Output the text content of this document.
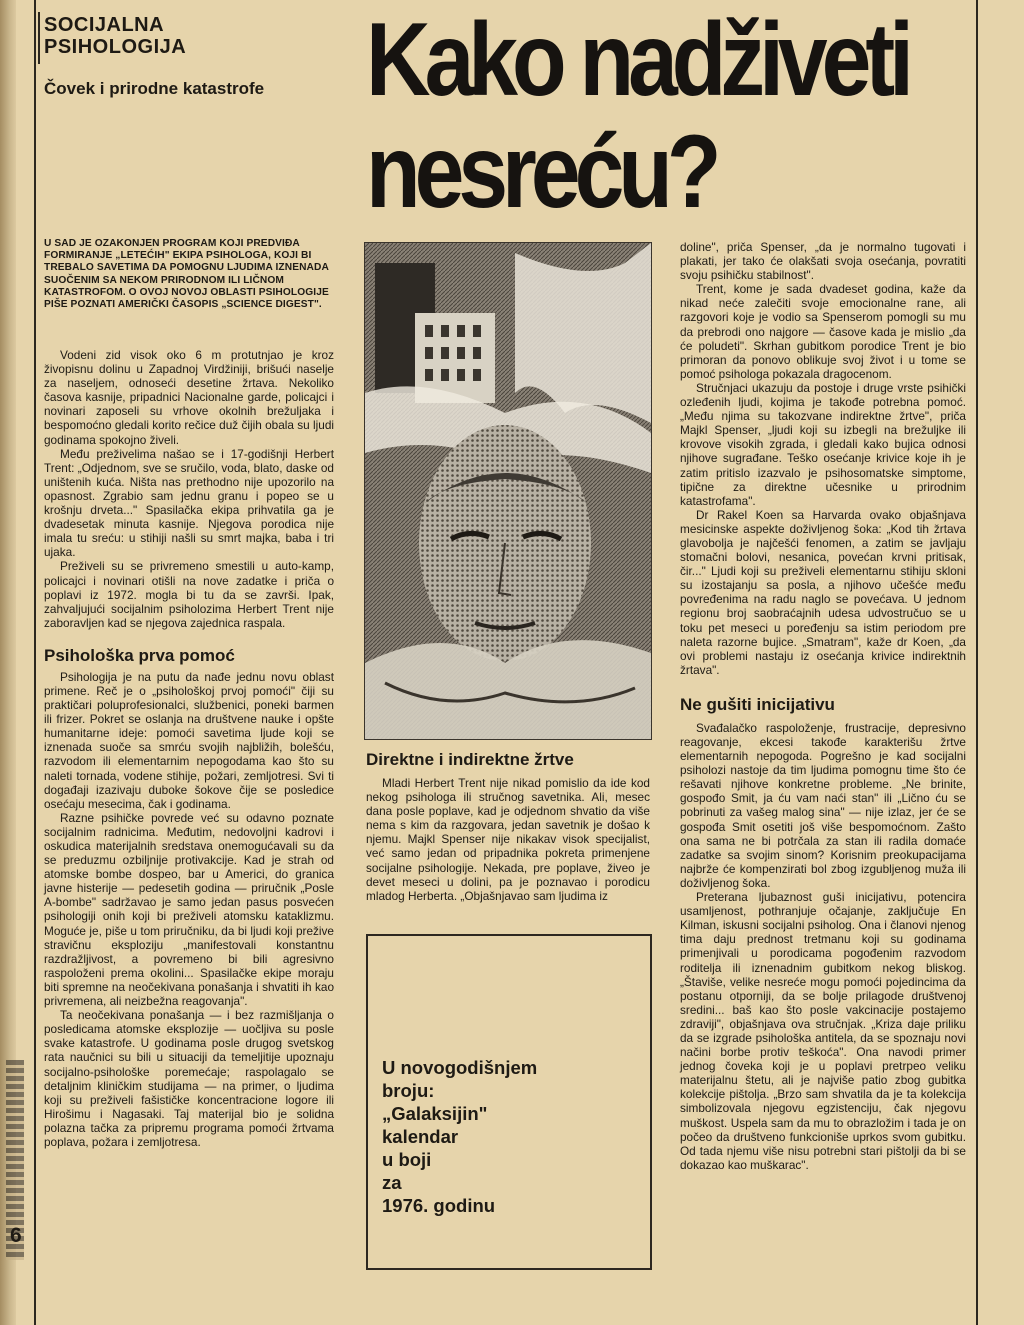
SOCIJALNA
PSIHOLOGIJA
Čovek i prirodne katastrofe Kako nadživeti
nesreću?
U SAD JE OZAKONJEN PROGRAM KOJI PREDVIĐA FORMIRANJE „LETEĆIH" EKIPA PSIHOLOGA, KOJI BI TREBALO SAVETIMA DA POMOGNU LJUDIMA IZNENADA SUOČENIM SA NEKOM PRIRODNOM ILI LIČNOM KATASTROFOM. O OVOJ NOVOJ OBLASTI PSIHOLOGIJE PIŠE POZNATI AMERIČKI ČASOPIS „SCIENCE DIGEST".

Vodeni zid visok oko 6 m protutnjao je kroz živopisnu dolinu u Zapadnoj Virdžiniji, brišući naselje za naseljem, odnoseći desetine žrtava. Nekoliko časova kasnije, pripadnici Nacionalne garde, policajci i novinari zaposeli su vrhove okolnih brežuljaka i bespomoćno gledali korito rečice duž čijih obala su ljudi godinama spokojno živeli.

Među preživelima našao se i 17-godišnji Herbert Trent: „Odjednom, sve se sručilo, voda, blato, daske od uništenih kuća. Ništa nas prethodno nije upozorilo na opasnost. Zgrabio sam jednu granu i popeo se u krošnju drveta..." Spasilačka ekipa prihvatila ga je dvadesetak minuta kasnije. Njegova porodica nije imala tu sreću: u stihiji našli su smrt majka, baba i tri ujaka.

Preživeli su se privremeno smestili u auto-kamp, policajci i novinari otišli na nove zadatke i priča o poplavi iz 1972. mogla bi tu da se završi. Ipak, zahvaljujući socijalnim psiholozima Herbert Trent nije zaboravljen kad se njegova zajednica raspala.

Psihološka prva pomoć

Psihologija je na putu da nađe jednu novu oblast primene. Reč je o „psihološkoj prvoj pomoći" čiji su praktičari poluprofesionalci, službenici, poneki barmen ili frizer. Pokret se oslanja na društvene nauke i opšte humanitarne ideje: pomoći savetima ljude koji se iznenada suoče sa smrću svojih najbližih, bolešću, razvodom ili elementarnim nepogodama kao što su naleti tornada, vodene stihije, požari, zemljotresi. Svi ti događaji izazivaju duboke šokove čije se posledice osećaju mesecima, čak i godinama.

Razne psihičke povrede već su odavno poznate socijalnim radnicima. Međutim, nedovoljni kadrovi i oskudica materijalnih sredstava onemogućavali su da se preduzmu ozbiljnije protivakcije. Kad je strah od atomske bombe dospeo, bar u Americi, do granica javne histerije — pedesetih godina — priručnik „Posle A-bombe" sadržavao je samo jedan pasus posvećen psihologiji onih koji bi preživeli atomsku kataklizmu. Moguće je, piše u tom priručniku, da bi ljudi koji prežive stravičnu eksploziju „manifestovali konstantnu razdražljivost, a povremeno bi bili agresivno raspoloženi prema okolini... Spasilačke ekipe moraju biti spremne na neočekivana ponašanja i shvatiti ih kao privremena, ali neizbežna reagovanja".

Ta neočekivana ponašanja — i bez razmišljanja o posledicama atomske eksplozije — uočljiva su posle svake katastrofe. U godinama posle drugog svetskog rata naučnici su bili u situaciji da temeljitije upoznaju socijalno-psihološke poremećaje; raspolagalo se detaljnim kliničkim studijama — na primer, o ljudima koji su preživeli fašističke koncentracione logore ili Hirošimu i Nagasaki. Taj materijal bio je solidna polazna tačka za pripremu programa pomoći žrtvama poplava, požara i zemljotresa.

Direktne i indirektne žrtve

Mladi Herbert Trent nije nikad pomislio da ide kod nekog psihologa ili stručnog savetnika. Ali, mesec dana posle poplave, kad je odjednom shvatio da više nema s kim da razgovara, jedan savetnik je došao k njemu. Majkl Spenser nije nikakav visok specijalist, već samo jedan od pripadnika pokreta primenjene socijalne psihologije. Nekada, pre poplave, živeo je devet meseci u dolini, pa je poznavao i porodicu mladog Herberta. „Objašnjavao sam ljudima iz

U novogodišnjem
broju:
„Galaksijin"
kalendar
u boji
za
1976. godinu

doline", priča Spenser, „da je normalno tugovati i plakati, jer tako će olakšati svoja osećanja, povratiti svoju psihičku stabilnost".

Trent, kome je sada dvadeset godina, kaže da nikad neće zalečiti svoje emocionalne rane, ali razgovori koje je vodio sa Spenserom pomogli su mu da prebrodi ono najgore — časove kada je mislio „da će poludeti". Skrhan gubitkom porodice Trent je bio primoran da ponovo oblikuje svoj život i u tome se pomoć psihologa pokazala dragocenom.

Stručnjaci ukazuju da postoje i druge vrste psihički ozleđenih ljudi, kojima je takođe potrebna pomoć. „Među njima su takozvane indirektne žrtve", priča Majkl Spenser, „ljudi koji su izbegli na brežuljke ili krovove visokih zgrada, i gledali kako bujica odnosi njihove sugrađane. Teško osećanje krivice koje ih je zatim pritislo izazvalo je psihosomatske simptome, tipične za direktne učesnike u prirodnim katastrofama".

Dr Rakel Koen sa Harvarda ovako objašnjava mesicinske aspekte doživljenog šoka: „Kod tih žrtava glavobolja je najčešći fenomen, a zatim se javljaju stomačni bolovi, nesanica, povećan krvni pritisak, čir..." Ljudi koji su preživeli elementarnu stihiju skloni su izostajanju sa posla, a njihovo učešće među povređenima na radu naglo se povećava. U jednom regionu broj saobraćajnih udesa udvostručuo se u toku pet meseci u poređenju sa istim periodom pre naleta razorne bujice. „Smatram", kaže dr Koen, „da ovi problemi nastaju iz osećanja krivice indirektnih žrtava".

Ne gušiti inicijativu

Svađalačko raspoloženje, frustracije, depresivno reagovanje, ekcesi takođe karakterišu žrtve elementarnih nepogoda. Pogrešno je kad socijalni psiholozi nastoje da tim ljudima pomognu time što će rešavati njihove konkretne probleme. „Ne brinite, gospođo Smit, ja ću vam naći stan" ili „Lično ću se pobrinuti za vašeg malog sina" — nije izlaz, jer će se gospođa Smit osetiti još više bespomoćnom. Zašto ona sama ne bi potrčala za stan ili radila domaće zadatke sa svojim sinom? Korisnim preokupacijama najbrže će kompenzirati bol zbog izgubljenog muža ili doživljenog šoka.

Preterana ljubaznost guši inicijativu, potencira usamljenost, pothranjuje očajanje, zaključuje En Kilman, iskusni socijalni psiholog. Ona i članovi njenog tima daju prednost tretmanu koji su godinama primenjivali u porodicama pogođenim razvodom roditelja ili iznenadnim gubitkom nekog bliskog. „Štaviše, velike nesreće mogu pomoći pojedincima da postanu otporniji, da se bolje prilagode društvenoj sredini... baš kao što posle vakcinacije postajemo zdraviji", objašnjava ova stručnjak. „Kriza daje priliku da se izgrade psihološka antitela, da se spoznaju novi načini borbe protiv teškoća". Ona navodi primer jednog čoveka koji je u poplavi pretrpeo veliku materijalnu štetu, ali je najviše patio zbog gubitka kolekcije pištolja. „Brzo sam shvatila da je ta kolekcija simbolizovala njegovu egzistenciju, čak njegovu muškost. Uspela sam da mu to obrazložim i tada je on počeo da društveno funkcioniše uprkos svom gubitku. Od tada njemu više nisu potrebni stari pištolji da bi se dokazao kao muškarac".

6
